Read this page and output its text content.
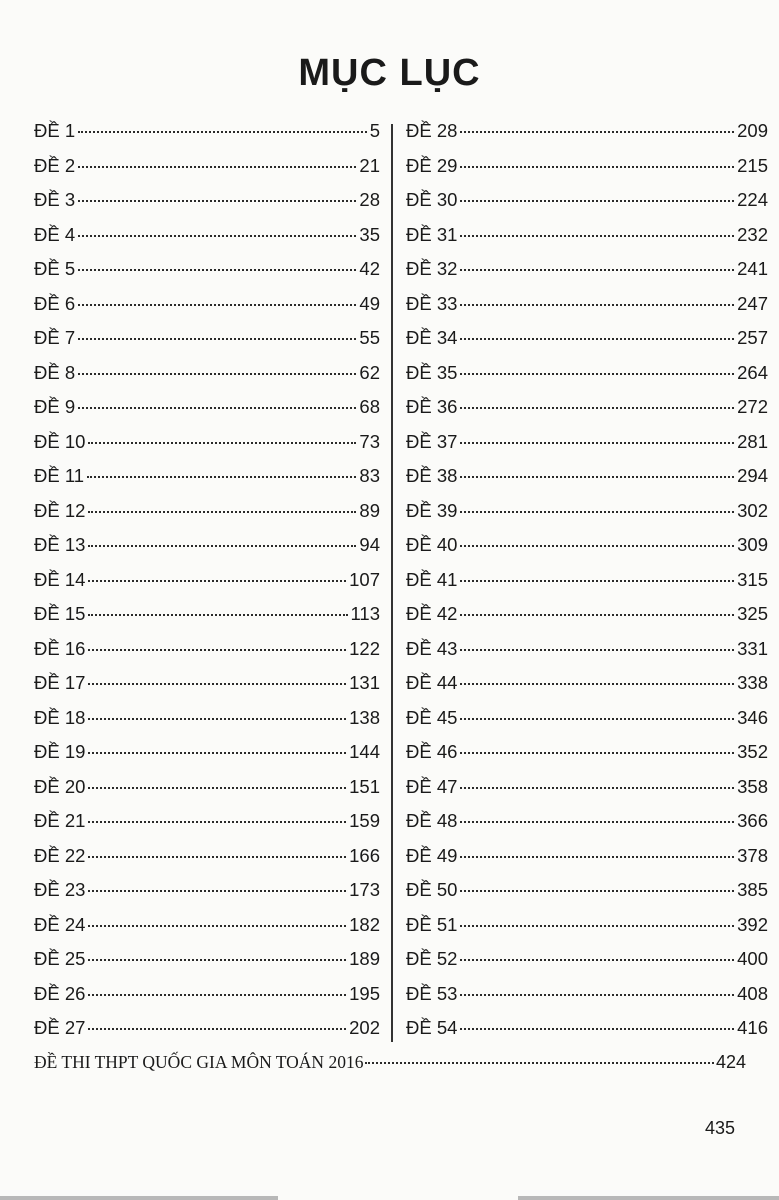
MỤC LỤC
ĐỀ 1	5
ĐỀ 2	21
ĐỀ 3	28
ĐỀ 4	35
ĐỀ 5	42
ĐỀ 6	49
ĐỀ 7	55
ĐỀ 8	62
ĐỀ 9	68
ĐỀ 10	73
ĐỀ 11	83
ĐỀ 12	89
ĐỀ 13	94
ĐỀ 14	107
ĐỀ 15	113
ĐỀ 16	122
ĐỀ 17	131
ĐỀ 18	138
ĐỀ 19	144
ĐỀ 20	151
ĐỀ 21	159
ĐỀ 22	166
ĐỀ 23	173
ĐỀ 24	182
ĐỀ 25	189
ĐỀ 26	195
ĐỀ 27	202
ĐỀ 28	209
ĐỀ 29	215
ĐỀ 30	224
ĐỀ 31	232
ĐỀ 32	241
ĐỀ 33	247
ĐỀ 34	257
ĐỀ 35	264
ĐỀ 36	272
ĐỀ 37	281
ĐỀ 38	294
ĐỀ 39	302
ĐỀ 40	309
ĐỀ 41	315
ĐỀ 42	325
ĐỀ 43	331
ĐỀ 44	338
ĐỀ 45	346
ĐỀ 46	352
ĐỀ 47	358
ĐỀ 48	366
ĐỀ 49	378
ĐỀ 50	385
ĐỀ 51	392
ĐỀ 52	400
ĐỀ 53	408
ĐỀ 54	416
ĐỀ THI THPT QUỐC GIA MÔN TOÁN 2016	424
435
